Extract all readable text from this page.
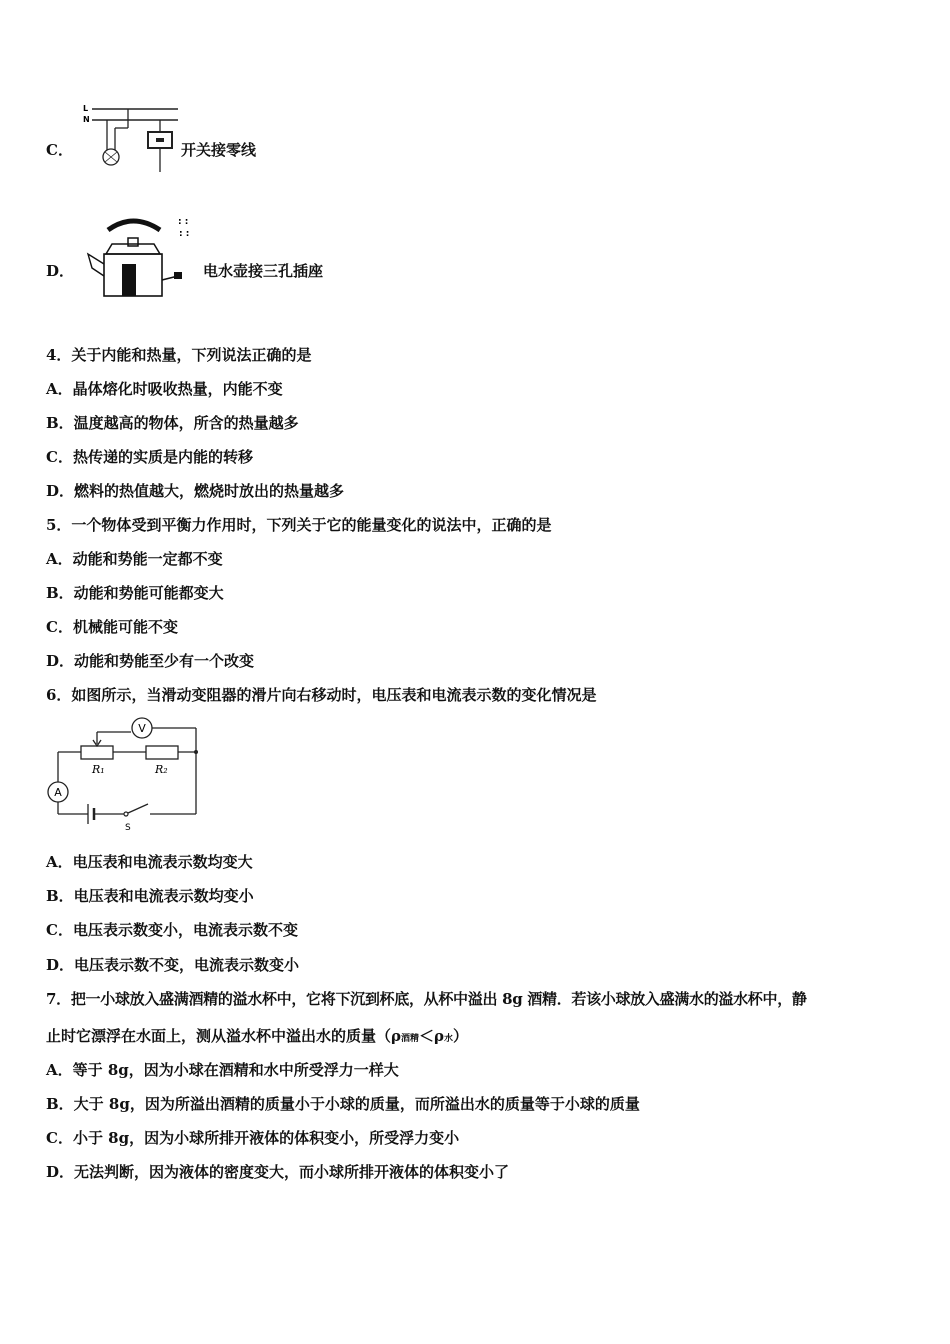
C．
L
N
开关接零线
D．
: :
: :
电水壶接三孔插座
4．关于内能和热量，下列说法正确的是
A．晶体熔化时吸收热量，内能不变
B．温度越高的物体，所含的热量越多
C．热传递的实质是内能的转移
D．燃料的热值越大，燃烧时放出的热量越多
5．一个物体受到平衡力作用时，下列关于它的能量变化的说法中，正确的是
A．动能和势能一定都不变
B．动能和势能可能都变大
C．机械能可能不变
D．动能和势能至少有一个改变
6．如图所示，当滑动变阻器的滑片向右移动时，电压表和电流表示数的变化情况是
V
R₁	R₂
A
S
A．电压表和电流表示数均变大
B．电压表和电流表示数均变小
C．电压表示数变小，电流表示数不变
D．电压表示数不变，电流表示数变小
7．把一小球放入盛满酒精的溢水杯中，它将下沉到杯底，从杯中溢出 8g 酒精．若该小球放入盛满水的溢水杯中，静
止时它漂浮在水面上，测从溢水杯中溢出水的质量（ρ酒精＜ρ水）
A．等于 8g，因为小球在酒精和水中所受浮力一样大
B．大于 8g，因为所溢出酒精的质量小于小球的质量，而所溢出水的质量等于小球的质量
C．小于 8g，因为小球所排开液体的体积变小，所受浮力变小
D．无法判断，因为液体的密度变大，而小球所排开液体的体积变小了
